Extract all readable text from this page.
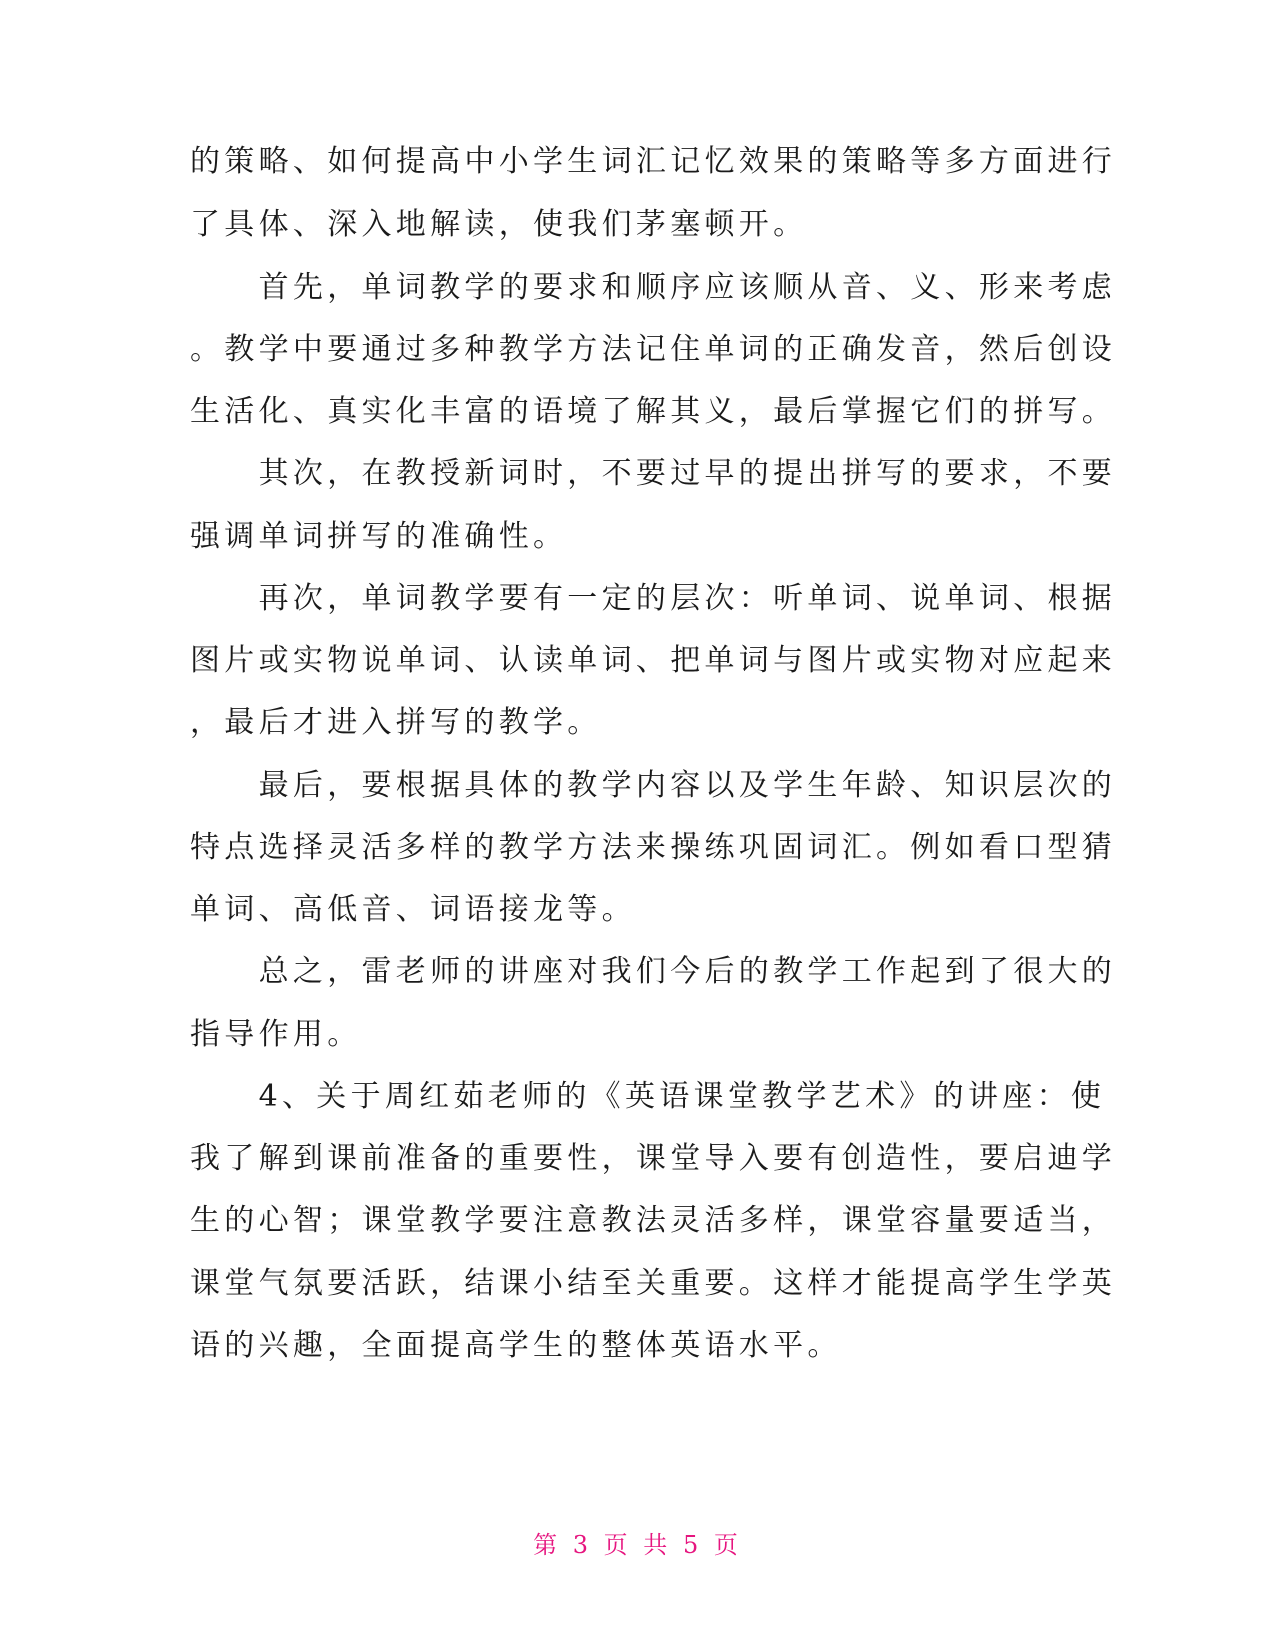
的策略、如何提高中小学生词汇记忆效果的策略等多方面进行

了具体、深入地解读，使我们茅塞顿开。

　　首先，单词教学的要求和顺序应该顺从音、义、形来考虑

。教学中要通过多种教学方法记住单词的正确发音，然后创设

生活化、真实化丰富的语境了解其义，最后掌握它们的拼写。

　　其次，在教授新词时，不要过早的提出拼写的要求，不要

强调单词拼写的准确性。

　　再次，单词教学要有一定的层次：听单词、说单词、根据

图片或实物说单词、认读单词、把单词与图片或实物对应起来

，最后才进入拼写的教学。

　　最后，要根据具体的教学内容以及学生年龄、知识层次的

特点选择灵活多样的教学方法来操练巩固词汇。例如看口型猜

单词、高低音、词语接龙等。

　　总之，雷老师的讲座对我们今后的教学工作起到了很大的

指导作用。

　　4、关于周红茹老师的《英语课堂教学艺术》的讲座：使

我了解到课前准备的重要性，课堂导入要有创造性，要启迪学

生的心智；课堂教学要注意教法灵活多样，课堂容量要适当，

课堂气氛要活跃，结课小结至关重要。这样才能提高学生学英

语的兴趣，全面提高学生的整体英语水平。

第 3 页 共 5 页
